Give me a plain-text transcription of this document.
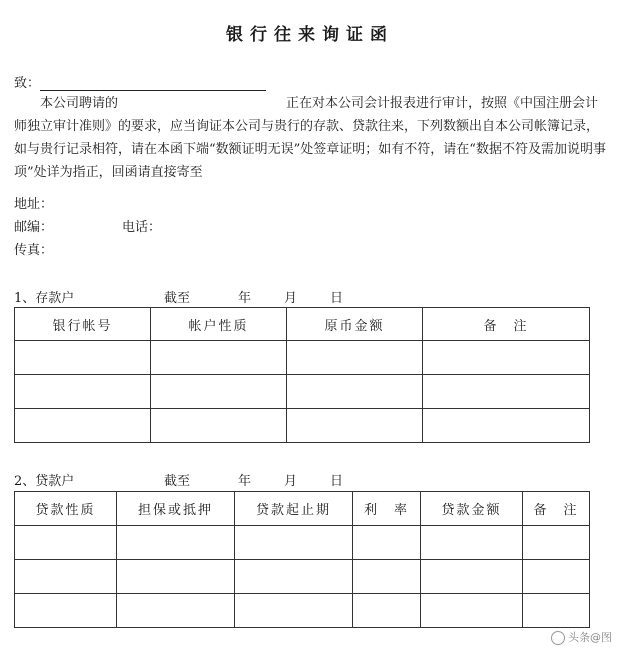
银行往来询证函
致：
本公司聘请的	正在对本公司会计报表进行审计，按照《中国注册会计师独立审计准则》的要求，应当询证本公司与贵行的存款、贷款往来，下列数额出自本公司帐簿记录，如与贵行记录相符，请在本函下端“数额证明无误”处签章证明；如有不符，请在“数据不符及需加说明事项”处详为指正，回函请直接寄至
地址：
邮编：	电话：
传真：
1、存款户	截至	年	月	日
银行帐号	帐户性质	原币金额	备　注

2、贷款户	截至	年	月	日
贷款性质	担保或抵押	贷款起止期	利　率	贷款金额	备　注

头条@图
